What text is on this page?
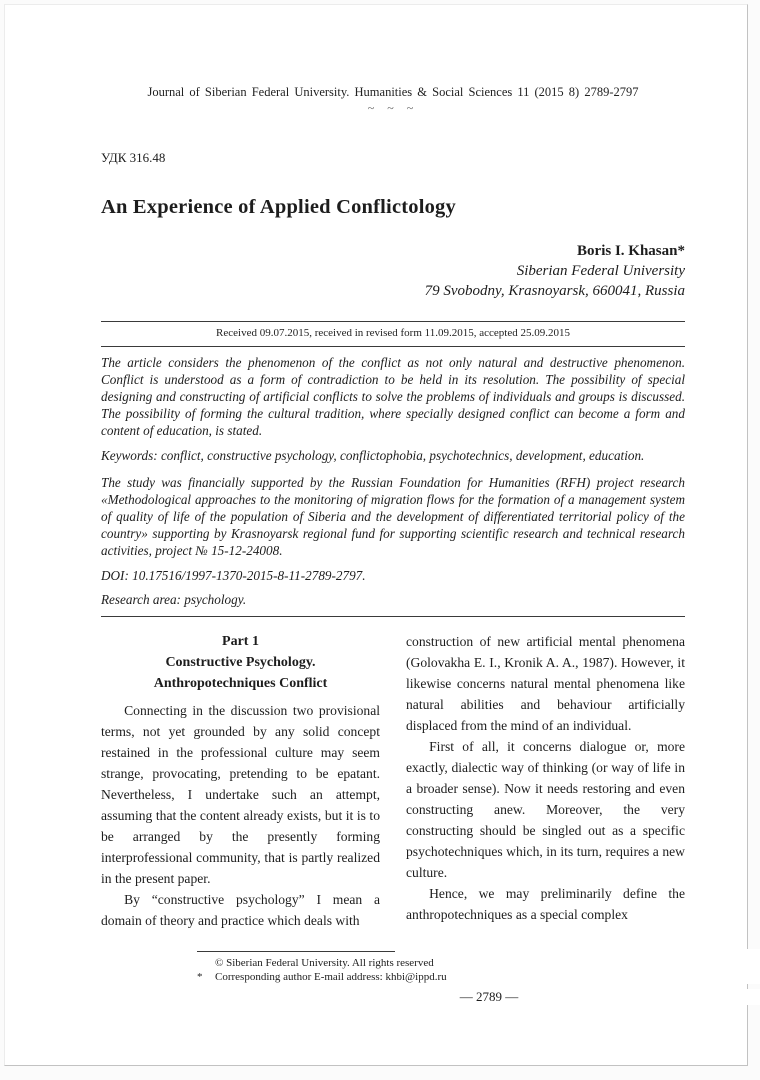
Journal of Siberian Federal University. Humanities & Social Sciences 11 (2015 8) 2789-2797
~ ~ ~
УДК 316.48
An Experience of Applied Conflictology
Boris I. Khasan*
Siberian Federal University
79 Svobodny, Krasnoyarsk, 660041, Russia
Received 09.07.2015, received in revised form 11.09.2015, accepted 25.09.2015

The article considers the phenomenon of the conflict as not only natural and destructive phenomenon. Conflict is understood as a form of contradiction to be held in its resolution. The possibility of special designing and constructing of artificial conflicts to solve the problems of individuals and groups is discussed. The possibility of forming the cultural tradition, where specially designed conflict can become a form and content of education, is stated.

Keywords: conflict, constructive psychology, conflictophobia, psychotechnics, development, education.

The study was financially supported by the Russian Foundation for Humanities (RFH) project research «Methodological approaches to the monitoring of migration flows for the formation of a management system of quality of life of the population of Siberia and the development of differentiated territorial policy of the country» supporting by Krasnoyarsk regional fund for supporting scientific research and technical research activities, project № 15-12-24008.

DOI: 10.17516/1997-1370-2015-8-11-2789-2797.

Research area: psychology.

Part 1
Constructive Psychology.
Anthropotechniques Conflict

Connecting in the discussion two provisional terms, not yet grounded by any solid concept restained in the professional culture may seem strange, provocating, pretending to be epatant. Nevertheless, I undertake such an attempt, assuming that the content already exists, but it is to be arranged by the presently forming interprofessional community, that is partly realized in the present paper.

By “constructive psychology” I mean a domain of theory and practice which deals with

construction of new artificial mental phenomena (Golovakha E. I., Kronik A. A., 1987). However, it likewise concerns natural mental phenomena like natural abilities and behaviour artificially displaced from the mind of an individual.

First of all, it concerns dialogue or, more exactly, dialectic way of thinking (or way of life in a broader sense). Now it needs restoring and even constructing anew. Moreover, the very constructing should be singled out as a specific psychotechniques which, in its turn, requires a new culture.

Hence, we may preliminarily define the anthropotechniques as a special complex

© Siberian Federal University. All rights reserved
*	Corresponding author E-mail address: khbi@ippd.ru
— 2789 —
